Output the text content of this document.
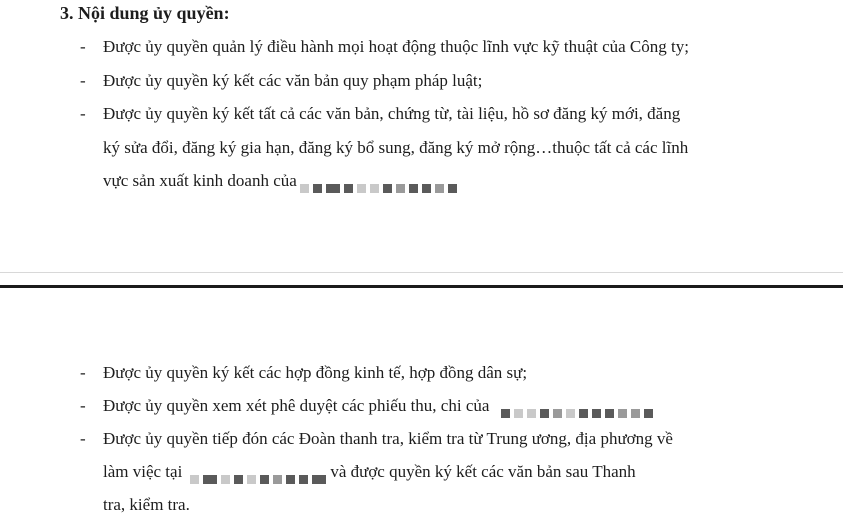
3. Nội dung ủy quyền:
- Được ủy quyền quản lý điều hành mọi hoạt động thuộc lĩnh vực kỹ thuật của Công ty;
- Được ủy quyền ký kết các văn bản quy phạm pháp luật;
- Được ủy quyền ký kết tất cả các văn bản, chứng từ, tài liệu, hồ sơ đăng ký mới, đăng
ký sửa đổi, đăng ký gia hạn, đăng ký bổ sung, đăng ký mở rộng…thuộc tất cả các lĩnh
vực sản xuất kinh doanh của
- Được ủy quyền ký kết các hợp đồng kinh tế, hợp đồng dân sự;
- Được ủy quyền xem xét phê duyệt các phiếu thu, chi của
- Được ủy quyền tiếp đón các Đoàn thanh tra, kiểm tra từ Trung ương, địa phương về
làm việc tại	và được quyền ký kết các văn bản sau Thanh
tra, kiểm tra.
